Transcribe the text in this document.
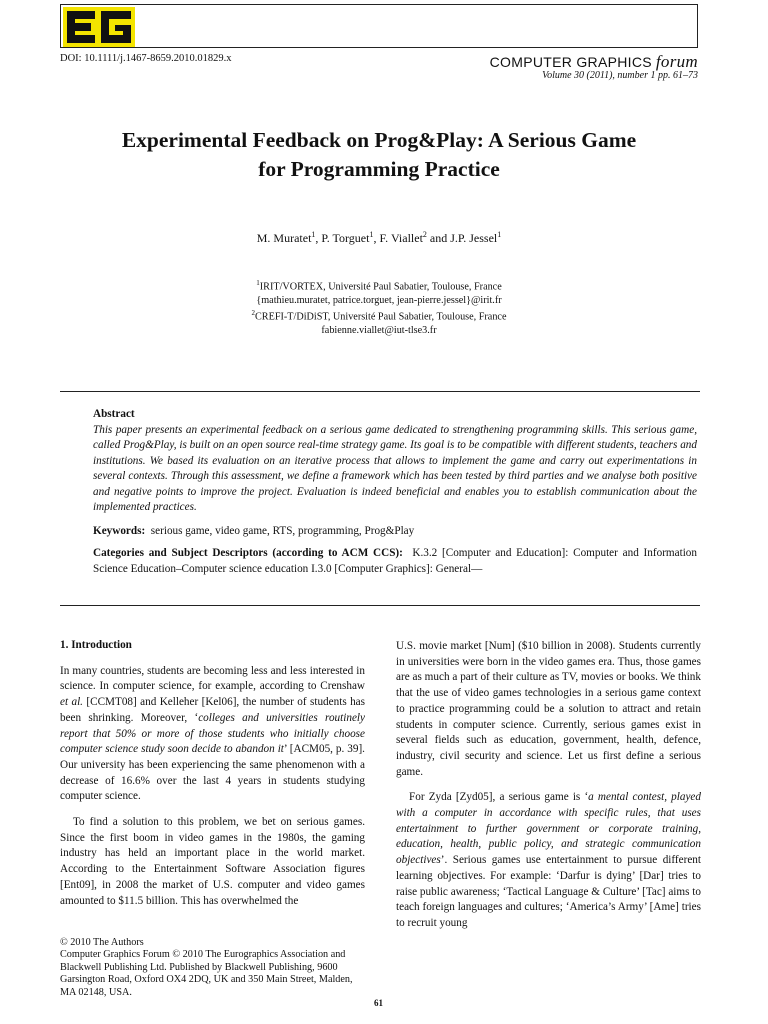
DOI: 10.1111/j.1467-8659.2010.01829.x	COMPUTER GRAPHICS forum
Volume 30 (2011), number 1 pp. 61–73
Experimental Feedback on Prog&Play: A Serious Game
for Programming Practice
M. Muratet$^1$, P. Torguet$^1$, F. Viallet$^2$ and J.P. Jessel$^1$
$^1$IRIT/VORTEX, Université Paul Sabatier, Toulouse, France
{mathieu.muratet, patrice.torguet, jean-pierre.jessel}@irit.fr
$^2$CREFI-T/DiDiST, Université Paul Sabatier, Toulouse, France
fabienne.viallet@iut-tlse3.fr
Abstract
This paper presents an experimental feedback on a serious game dedicated to strengthening programming skills. This serious game, called Prog&Play, is built on an open source real-time strategy game. Its goal is to be compatible with different students, teachers and institutions. We based its evaluation on an iterative process that allows to implement the game and carry out experimentations in several contexts. Through this assessment, we define a framework which has been tested by third parties and we analyse both positive and negative points to improve the project. Evaluation is indeed beneficial and enables you to establish communication about the implemented practices.
Keywords: serious game, video game, RTS, programming, Prog&Play
Categories and Subject Descriptors (according to ACM CCS): K.3.2 [Computer and Education]: Computer and Information Science Education–Computer science education I.3.0 [Computer Graphics]: General—
1. Introduction

In many countries, students are becoming less and less interested in science. In computer science, for example, according to Crenshaw et al. [CCMT08] and Kelleher [Kel06], the number of students has been shrinking. Moreover, ‘colleges and universities routinely report that 50% or more of those students who initially choose computer science study soon decide to abandon it’ [ACM05, p. 39]. Our university has been experiencing the same phenomenon with a decrease of 16.6% over the last 4 years in students studying computer science.

To find a solution to this problem, we bet on serious games. Since the first boom in video games in the 1980s, the gaming industry has held an important place in the world market. According to the Entertainment Software Association figures [Ent09], in 2008 the market of U.S. computer and video games amounted to $11.5 billion. This has overwhelmed the

U.S. movie market [Num] ($10 billion in 2008). Students currently in universities were born in the video games era. Thus, those games are as much a part of their culture as TV, movies or books. We think that the use of video games technologies in a serious game context to practice programming could be a solution to attract and retain students in computer science. Currently, serious games exist in several fields such as education, government, health, defence, industry, civil security and science. Let us first define a serious game.

For Zyda [Zyd05], a serious game is ‘a mental contest, played with a computer in accordance with specific rules, that uses entertainment to further government or corporate training, education, health, public policy, and strategic communication objectives’. Serious games use entertainment to pursue different learning objectives. For example: ‘Darfur is dying’ [Dar] tries to raise public awareness; ‘Tactical Language & Culture’ [Tac] aims to teach foreign languages and cultures; ‘America’s Army’ [Ame] tries to recruit young

© 2010 The Authors
Computer Graphics Forum © 2010 The Eurographics Association and Blackwell Publishing Ltd. Published by Blackwell Publishing, 9600 Garsington Road, Oxford OX4 2DQ, UK and 350 Main Street, Malden, MA 02148, USA.
61
